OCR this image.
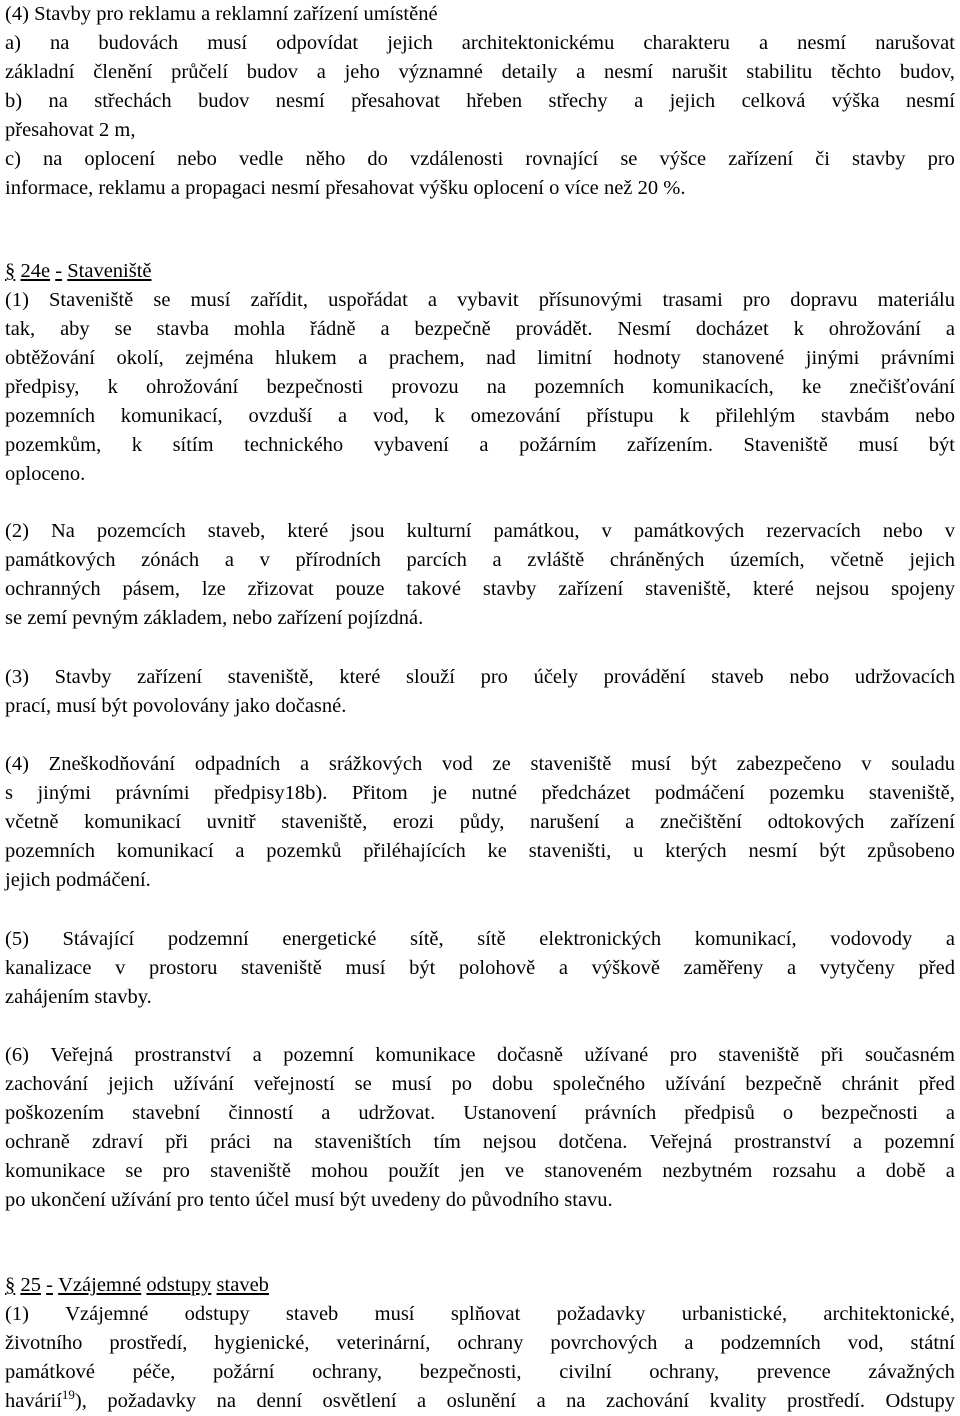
(4) Stavby pro reklamu a reklamní zařízení umístěné
a) na budovách musí odpovídat jejich architektonickému charakteru a nesmí narušovat
základní členění průčelí budov a jeho významné detaily a nesmí narušit stabilitu těchto budov,
b) na střechách budov nesmí přesahovat hřeben střechy a jejich celková výška nesmí
přesahovat 2 m,
c) na oplocení nebo vedle něho do vzdálenosti rovnající se výšce zařízení či stavby pro
informace, reklamu a propagaci nesmí přesahovat výšku oplocení o více než 20 %.
§ 24e - Staveniště
(1) Staveniště se musí zařídit, uspořádat a vybavit přísunovými trasami pro dopravu materiálu
tak, aby se stavba mohla řádně a bezpečně provádět. Nesmí docházet k ohrožování a
obtěžování okolí, zejména hlukem a prachem, nad limitní hodnoty stanovené jinými právními
předpisy, k ohrožování bezpečnosti provozu na pozemních komunikacích, ke znečišťování
pozemních komunikací, ovzduší a vod, k omezování přístupu k přilehlým stavbám nebo
pozemkům, k sítím technického vybavení a požárním zařízením. Staveniště musí být
oploceno.
(2) Na pozemcích staveb, které jsou kulturní památkou, v památkových rezervacích nebo v
památkových zónách a v přírodních parcích a zvláště chráněných územích, včetně jejich
ochranných pásem, lze zřizovat pouze takové stavby zařízení staveniště, které nejsou spojeny
se zemí pevným základem, nebo zařízení pojízdná.
(3) Stavby zařízení staveniště, které slouží pro účely provádění staveb nebo udržovacích
prací, musí být povolovány jako dočasné.
(4) Zneškodňování odpadních a srážkových vod ze staveniště musí být zabezpečeno v souladu
s jinými právními předpisy18b). Přitom je nutné předcházet podmáčení pozemku staveniště,
včetně komunikací uvnitř staveniště, erozi půdy, narušení a znečištění odtokových zařízení
pozemních komunikací a pozemků přiléhajících ke staveništi, u kterých nesmí být způsobeno
jejich podmáčení.
(5) Stávající podzemní energetické sítě, sítě elektronických komunikací, vodovody a
kanalizace v prostoru staveniště musí být polohově a výškově zaměřeny a vytyčeny před
zahájením stavby.
(6) Veřejná prostranství a pozemní komunikace dočasně užívané pro staveniště při současném
zachování jejich užívání veřejností se musí po dobu společného užívání bezpečně chránit před
poškozením stavební činností a udržovat. Ustanovení právních předpisů o bezpečnosti a
ochraně zdraví při práci na staveništích tím nejsou dotčena. Veřejná prostranství a pozemní
komunikace se pro staveniště mohou použít jen ve stanoveném nezbytném rozsahu a době a
po ukončení užívání pro tento účel musí být uvedeny do původního stavu.
§ 25 - Vzájemné odstupy staveb
(1) Vzájemné odstupy staveb musí splňovat požadavky urbanistické, architektonické,
životního prostředí, hygienické, veterinární, ochrany povrchových a podzemních vod, státní
památkové péče, požární ochrany, bezpečnosti, civilní ochrany, prevence závažných
havárií$^{19}$), požadavky na denní osvětlení a oslunění a na zachování kvality prostředí. Odstupy
